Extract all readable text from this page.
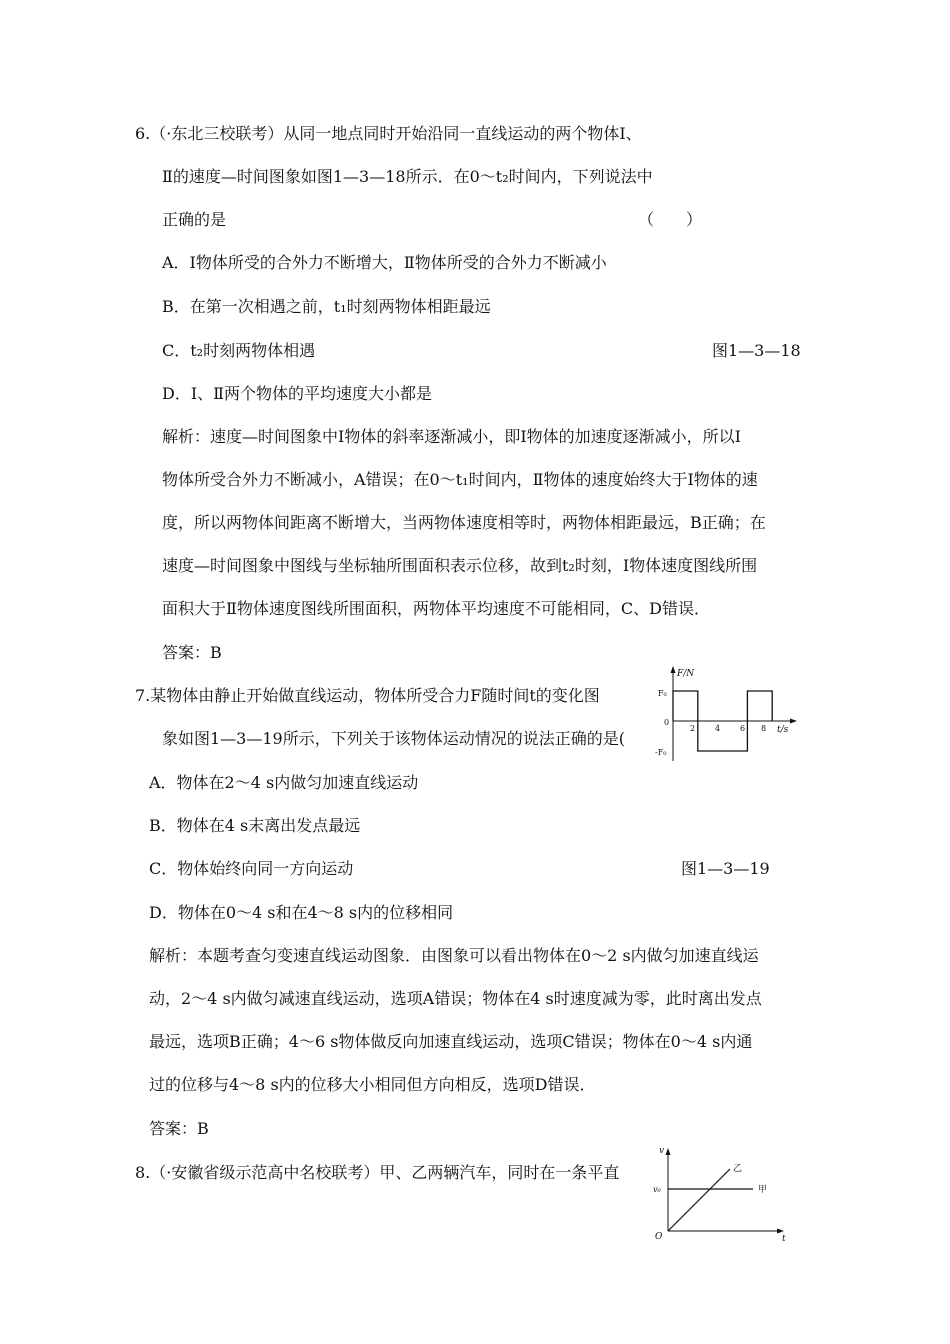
6.（·东北三校联考）从同一地点同时开始沿同一直线运动的两个物体Ⅰ、
Ⅱ的速度—时间图象如图1—3—18所示．在0～t₂时间内，下列说法中
正确的是	（　　）
A．Ⅰ物体所受的合外力不断增大，Ⅱ物体所受的合外力不断减小
B．在第一次相遇之前，t₁时刻两物体相距最远
C．t₂时刻两物体相遇	图1—3—18
D．Ⅰ、Ⅱ两个物体的平均速度大小都是
解析：速度—时间图象中Ⅰ物体的斜率逐渐减小，即Ⅰ物体的加速度逐渐减小，所以Ⅰ
物体所受合外力不断减小，A错误；在0～t₁时间内，Ⅱ物体的速度始终大于Ⅰ物体的速
度，所以两物体间距离不断增大，当两物体速度相等时，两物体相距最远，B正确；在
速度—时间图象中图线与坐标轴所围面积表示位移，故到t₂时刻，Ⅰ物体速度图线所围
面积大于Ⅱ物体速度图线所围面积，两物体平均速度不可能相同，C、D错误．
答案：B
7.某物体由静止开始做直线运动，物体所受合力F随时间t的变化图
象如图1—3—19所示，下列关于该物体运动情况的说法正确的是(
A．物体在2～4 s内做匀加速直线运动
B．物体在4 s末离出发点最远
C．物体始终向同一方向运动	图1—3—19
D．物体在0～4 s和在4～8 s内的位移相同
解析：本题考查匀变速直线运动图象．由图象可以看出物体在0～2 s内做匀加速直线运
动，2～4 s内做匀减速直线运动，选项A错误；物体在4 s时速度减为零，此时离出发点
最远，选项B正确；4～6 s物体做反向加速直线运动，选项C错误；物体在0～4 s内通
过的位移与4～8 s内的位移大小相同但方向相反，选项D错误．
答案：B
F/N
t/s
F₀
-F₀
0
2 4 6 8
8.（·安徽省级示范高中名校联考）甲、乙两辆汽车，同时在一条平直
v
t
v₀
O
甲
乙
